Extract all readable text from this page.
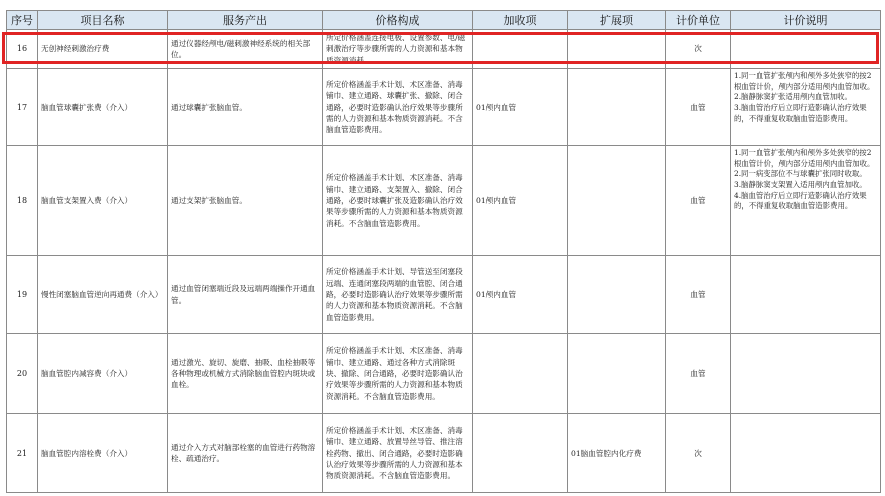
序号	项目名称	服务产出	价格构成	加收项	扩展项	计价单位	计价说明
16	无创神经刺激治疗费	通过仪器经颅电/磁刺激神经系统的相关部位。	所定价格涵盖连接电极、设置参数、电/磁刺激治疗等步骤所需的人力资源和基本物质资源消耗。			次	
17	脑血管球囊扩张费（介入）	通过球囊扩张脑血管。	所定价格涵盖手术计划、术区准备、消毒铺巾、建立通路、球囊扩张、撤除、闭合通路，必要时造影确认治疗效果等步骤所需的人力资源和基本物质资源消耗。不含脑血管造影费用。	01颅内血管		血管	1.同一血管扩张颅内和颅外多处狭窄的按2根血管计价，颅内部分适用颅内血管加收。
2.脑静脉窦扩张适用颅内血管加收。
3.脑血管治疗后立即行造影确认治疗效果的，不得重复收取脑血管造影费用。
18	脑血管支架置入费（介入）	通过支架扩张脑血管。	所定价格涵盖手术计划、术区准备、消毒铺巾、建立通路、支架置入、撤除、闭合通路，必要时球囊扩张及造影确认治疗效果等步骤所需的人力资源和基本物质资源消耗。不含脑血管造影费用。	01颅内血管		血管	1.同一血管扩张颅内和颅外多处狭窄的按2根血管计价，颅内部分适用颅内血管加收。
2.同一病变部位不与球囊扩张同时收取。
3.脑静脉窦支架置入适用颅内血管加收。
4.脑血管治疗后立即行造影确认治疗效果的，不得重复收取脑血管造影费用。
19	慢性闭塞脑血管逆向再通费（介入）	通过血管闭塞端近段及远端两端操作开通血管。	所定价格涵盖手术计划、导管送至闭塞段远端、连通闭塞段两端的血管腔、闭合通路，必要时造影确认治疗效果等步骤所需的人力资源和基本物质资源消耗。不含脑血管造影费用。	01颅内血管		血管	
20	脑血管腔内减容费（介入）	通过激光、旋切、旋磨、抽吸、血栓抽吸等各种物理或机械方式消除脑血管腔内斑块或血栓。	所定价格涵盖手术计划、术区准备、消毒铺巾、建立通路、通过各种方式消除斑块、撤除、闭合通路，必要时造影确认治疗效果等步骤所需的人力资源和基本物质资源消耗。不含脑血管造影费用。			血管	
21	脑血管腔内溶栓费（介入）	通过介入方式对脑部栓塞的血管进行药物溶栓、疏通治疗。	所定价格涵盖手术计划、术区准备、消毒铺巾、建立通路、放置导丝导管、推注溶栓药物、撤出、闭合通路，必要时造影确认治疗效果等步骤所需的人力资源和基本物质资源消耗。不含脑血管造影费用。		01脑血管腔内化疗费	次	
